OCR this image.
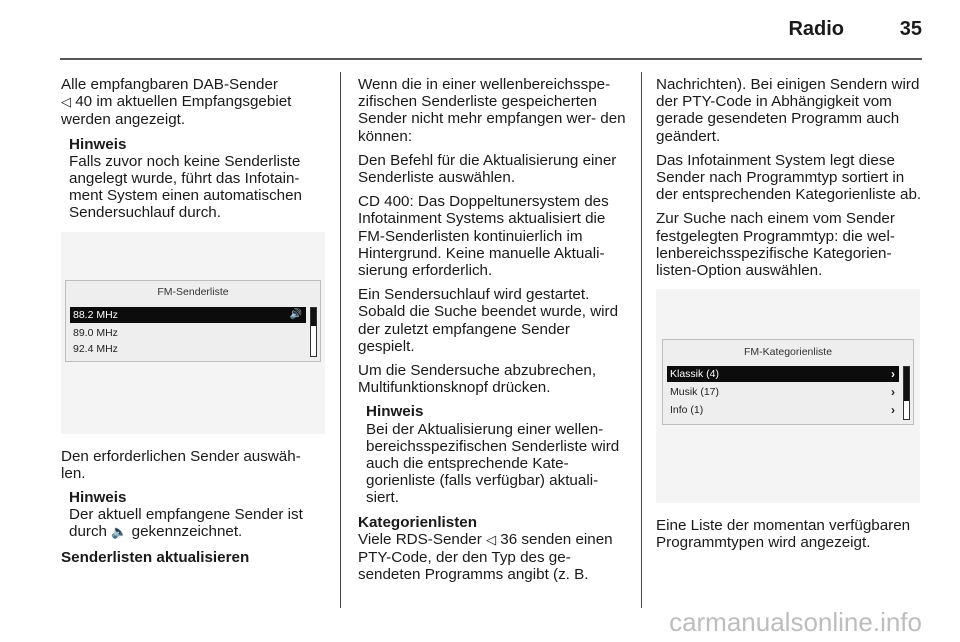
Radio	35

Alle empfangbaren DAB-Sender
◁ 40 im aktuellen Empfangsgebiet
werden angezeigt.

Hinweis
Falls zuvor noch keine Senderliste angelegt wurde, führt das Infotain- ment System einen automatischen Sendersuchlauf durch.
FM-Senderliste
88.2 MHz	🔊
89.0 MHz
92.4 MHz

Den erforderlichen Sender auswäh- len.

Hinweis
Der aktuell empfangene Sender ist durch 🔈 gekennzeichnet.
Senderlisten aktualisieren

Wenn die in einer wellenbereichsspe- zifischen Senderliste gespeicherten Sender nicht mehr empfangen wer- den können:

Den Befehl für die Aktualisierung einer Senderliste auswählen.

CD 400: Das Doppeltunersystem des Infotainment Systems aktualisiert die FM-Senderlisten kontinuierlich im Hintergrund. Keine manuelle Aktuali- sierung erforderlich.

Ein Sendersuchlauf wird gestartet. Sobald die Suche beendet wurde, wird der zuletzt empfangene Sender gespielt.

Um die Sendersuche abzubrechen, Multifunktionsknopf drücken.

Hinweis
Bei der Aktualisierung einer wellen- bereichsspezifischen Senderliste wird auch die entsprechende Kate- gorienliste (falls verfügbar) aktuali- siert.
Kategorienlisten

Viele RDS-Sender ◁ 36 senden einen PTY-Code, der den Typ des ge- sendeten Programms angibt (z. B.

Nachrichten). Bei einigen Sendern wird der PTY-Code in Abhängigkeit vom gerade gesendeten Programm auch geändert.

Das Infotainment System legt diese Sender nach Programmtyp sortiert in der entsprechenden Kategorienliste ab.

Zur Suche nach einem vom Sender festgelegten Programmtyp: die wel- lenbereichsspezifische Kategorien- listen-Option auswählen.

FM-Kategorienliste
Klassik (4)	›
Musik (17)	›
Info (1)	›

Eine Liste der momentan verfügbaren Programmtypen wird angezeigt.

carmanualsonline.info
